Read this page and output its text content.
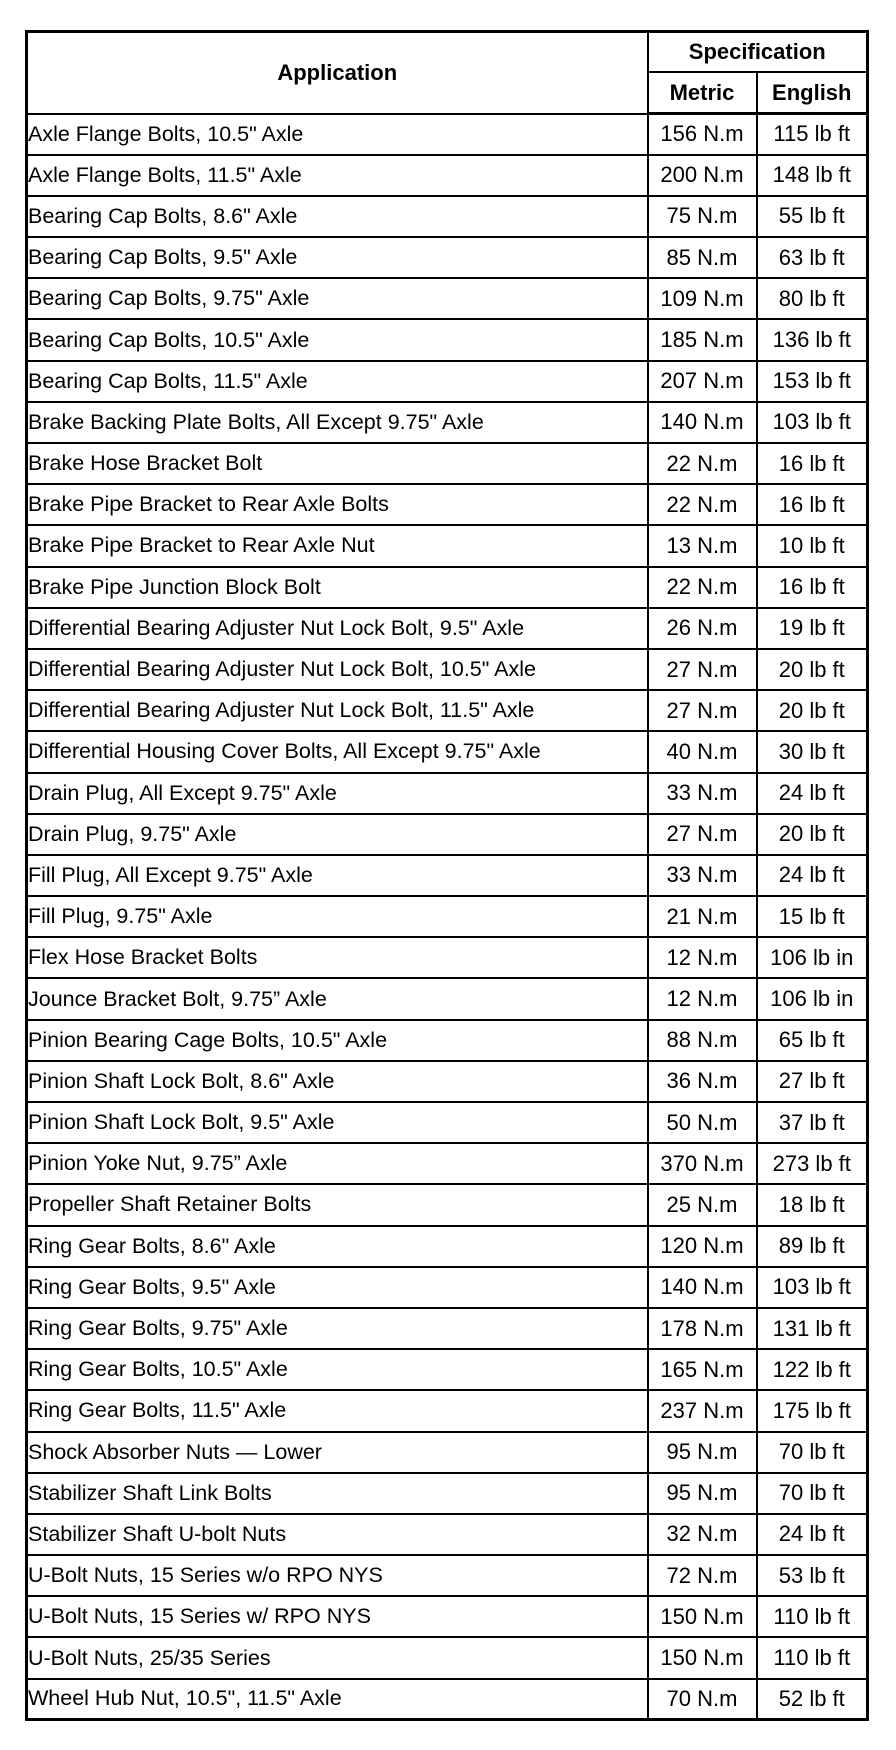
Application	Specification	
	Metric	English
Axle Flange Bolts, 10.5" Axle	156 N.m	115 lb ft
Axle Flange Bolts, 11.5" Axle	200 N.m	148 lb ft
Bearing Cap Bolts, 8.6" Axle	75 N.m	55 lb ft
Bearing Cap Bolts, 9.5" Axle	85 N.m	63 lb ft
Bearing Cap Bolts, 9.75" Axle	109 N.m	80 lb ft
Bearing Cap Bolts, 10.5" Axle	185 N.m	136 lb ft
Bearing Cap Bolts, 11.5" Axle	207 N.m	153 lb ft
Brake Backing Plate Bolts, All Except 9.75" Axle	140 N.m	103 lb ft
Brake Hose Bracket Bolt	22 N.m	16 lb ft
Brake Pipe Bracket to Rear Axle Bolts	22 N.m	16 lb ft
Brake Pipe Bracket to Rear Axle Nut	13 N.m	10 lb ft
Brake Pipe Junction Block Bolt	22 N.m	16 lb ft
Differential Bearing Adjuster Nut Lock Bolt, 9.5" Axle	26 N.m	19 lb ft
Differential Bearing Adjuster Nut Lock Bolt, 10.5" Axle	27 N.m	20 lb ft
Differential Bearing Adjuster Nut Lock Bolt, 11.5" Axle	27 N.m	20 lb ft
Differential Housing Cover Bolts, All Except 9.75" Axle	40 N.m	30 lb ft
Drain Plug, All Except 9.75" Axle	33 N.m	24 lb ft
Drain Plug, 9.75" Axle	27 N.m	20 lb ft
Fill Plug, All Except 9.75" Axle	33 N.m	24 lb ft
Fill Plug, 9.75" Axle	21 N.m	15 lb ft
Flex Hose Bracket Bolts	12 N.m	106 lb in
Jounce Bracket Bolt, 9.75” Axle	12 N.m	106 lb in
Pinion Bearing Cage Bolts, 10.5" Axle	88 N.m	65 lb ft
Pinion Shaft Lock Bolt, 8.6" Axle	36 N.m	27 lb ft
Pinion Shaft Lock Bolt, 9.5" Axle	50 N.m	37 lb ft
Pinion Yoke Nut, 9.75” Axle	370 N.m	273 lb ft
Propeller Shaft Retainer Bolts	25 N.m	18 lb ft
Ring Gear Bolts, 8.6" Axle	120 N.m	89 lb ft
Ring Gear Bolts, 9.5" Axle	140 N.m	103 lb ft
Ring Gear Bolts, 9.75" Axle	178 N.m	131 lb ft
Ring Gear Bolts, 10.5" Axle	165 N.m	122 lb ft
Ring Gear Bolts, 11.5" Axle	237 N.m	175 lb ft
Shock Absorber Nuts — Lower	95 N.m	70 lb ft
Stabilizer Shaft Link Bolts	95 N.m	70 lb ft
Stabilizer Shaft U-bolt Nuts	32 N.m	24 lb ft
U-Bolt Nuts, 15 Series w/o RPO NYS	72 N.m	53 lb ft
U-Bolt Nuts, 15 Series w/ RPO NYS	150 N.m	110 lb ft
U-Bolt Nuts, 25/35 Series	150 N.m	110 lb ft
Wheel Hub Nut, 10.5", 11.5" Axle	70 N.m	52 lb ft
